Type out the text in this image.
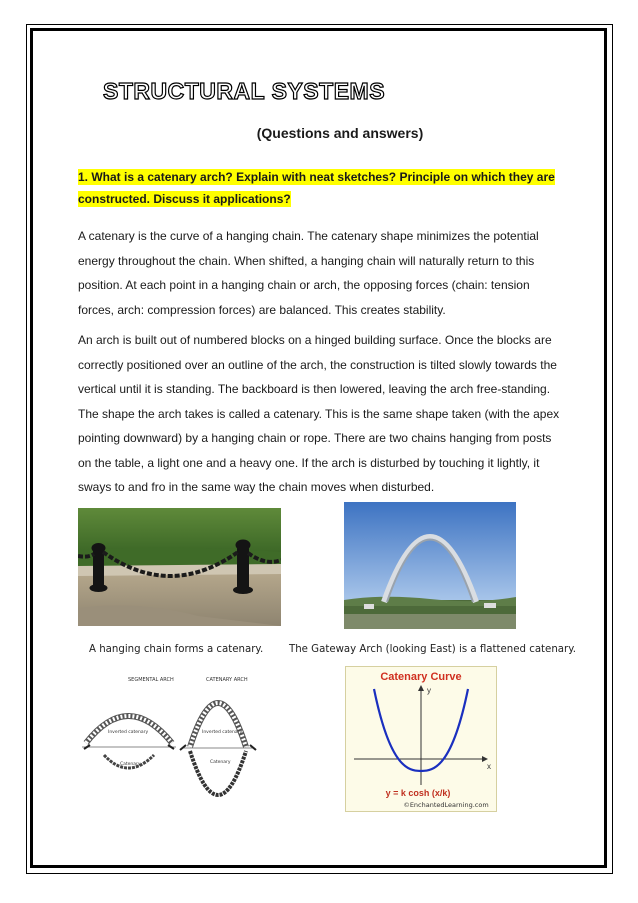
STRUCTURAL SYSTEMS
(Questions and answers)
1. What is a catenary arch? Explain with neat sketches? Principle on which they are
constructed. Discuss it applications?

A catenary is the curve of a hanging chain. The catenary shape minimizes the potential energy throughout the chain. When shifted, a hanging chain will naturally return to this position. At each point in a hanging chain or arch, the opposing forces (chain: tension forces, arch: compression forces) are balanced. This creates stability.

An arch is built out of numbered blocks on a hinged building surface. Once the blocks are correctly positioned over an outline of the arch, the construction is tilted slowly towards the vertical until it is standing. The backboard is then lowered, leaving the arch free-standing. The shape the arch takes is called a catenary. This is the same shape taken (with the apex pointing downward) by a hanging chain or rope. There are two chains hanging from posts on the table, a light one and a heavy one. If the arch is disturbed by touching it lightly, it sways to and fro in the same way the chain moves when disturbed.

A hanging chain forms a catenary.	The Gateway Arch (looking East) is a flattened catenary.
SEGMENTAL ARCH	CATENARY ARCH
Inverted catenary
Catenary
Inverted catenary
Catenary
Catenary Curve
y
x
y = k cosh (x/k)
©EnchantedLearning.com
